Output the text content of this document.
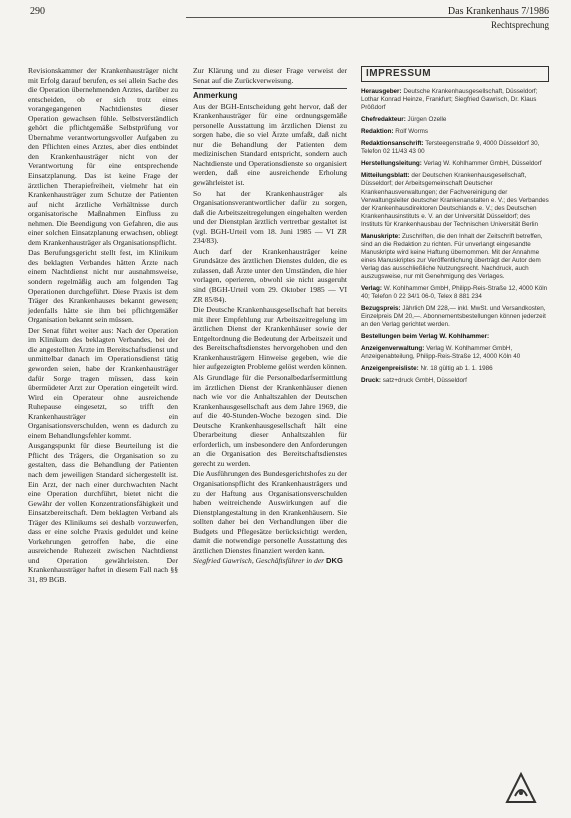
290	Das Krankenhaus 7/1986
Rechtsprechung

Revisionskammer der Krankenhausträger nicht mit Erfolg darauf berufen, es sei allein Sache des die Operation übernehmenden Arztes, darüber zu entscheiden, ob er sich trotz eines vorangegangenen Nachtdienstes dieser Operation gewachsen fühle. Selbstverständlich gehört die pflichtgemäße Selbstprüfung vor Übernahme verantwortungsvoller Aufgaben zu den Pflichten eines Arztes, aber dies entbindet den Krankenhausträger nicht von der Verantwortung für eine entsprechende Einsatzplanung. Das ist keine Frage der ärztlichen Therapiefreiheit, vielmehr hat ein Krankenhausträger zum Schutze der Patienten auf nicht ärztliche Verhältnisse durch organisatorische Maßnahmen Einfluss zu nehmen. Die Beendigung von Gefahren, die aus einer solchen Einsatzplanung erwachsen, obliegt dem Krankenhausträger als Organisationspflicht.

Das Berufungsgericht stellt fest, im Klinikum des beklagten Verbandes hätten Ärzte nach einem Nachtdienst nicht nur ausnahmsweise, sondern regelmäßig auch am folgenden Tag Operationen durchgeführt. Diese Praxis ist dem Träger des Krankenhauses bekannt gewesen; jedenfalls hätte sie ihm bei pflichtgemäßer Organisation bekannt sein müssen.

Der Senat führt weiter aus: Nach der Operation im Klinikum des beklagten Verbandes, bei der die angestellten Ärzte im Bereitschaftsdienst und unmittelbar danach im Operationsdienst tätig geworden seien, habe der Krankenhausträger dafür Sorge tragen müssen, dass kein übermüdeter Arzt zur Operation eingeteilt wird. Wird ein Operateur ohne ausreichende Ruhepause eingesetzt, so trifft den Krankenhausträger ein Organisationsverschulden, wenn es dadurch zu einem Behandlungsfehler kommt.

Ausgangspunkt für diese Beurteilung ist die Pflicht des Trägers, die Organisation so zu gestalten, dass die Behandlung der Patienten nach dem jeweiligen Standard sichergestellt ist. Ein Arzt, der nach einer durchwachten Nacht eine Operation durchführt, bietet nicht die Gewähr der vollen Konzentrationsfähigkeit und Einsatzbereitschaft. Dem beklagten Verband als Träger des Klinikums sei deshalb vorzuwerfen, dass er eine solche Praxis geduldet und keine Vorkehrungen getroffen habe, die eine ausreichende Ruhezeit zwischen Nachtdienst und Operation gewährleisten. Der Krankenhausträger haftet in diesem Fall nach §§ 31, 89 BGB.

Zur Klärung und zu dieser Frage verweist der Senat auf die Zurückverweisung.

Anmerkung

Aus der BGH-Entscheidung geht hervor, daß der Krankenhausträger für eine ordnungsgemäße personelle Ausstattung im ärztlichen Dienst zu sorgen habe, die so viel Ärzte umfaßt, daß nicht nur die Behandlung der Patienten dem medizinischen Standard entspricht, sondern auch Nachtdienste und Operationsdienste so organisiert werden, daß eine ausreichende Erholung gewährleistet ist.

So hat der Krankenhausträger als Organisationsverantwortlicher dafür zu sorgen, daß die Arbeitszeitregelungen eingehalten werden und der Dienstplan ärztlich vertretbar gestaltet ist (vgl. BGH-Urteil vom 18. Juni 1985 — VI ZR 234/83).

Auch darf der Krankenhausträger keine Grundsätze des ärztlichen Dienstes dulden, die es zulassen, daß Ärzte unter den Umständen, die hier vorlagen, operieren, obwohl sie nicht ausgeruht sind (BGH-Urteil vom 29. Oktober 1985 — VI ZR 85/84).

Die Deutsche Krankenhausgesellschaft hat bereits mit ihrer Empfehlung zur Arbeitszeitregelung im ärztlichen Dienst der Krankenhäuser sowie der Entgeltordnung die Bedeutung der Arbeitszeit und des Bereitschaftsdienstes hervorgehoben und den Krankenhausträgern Hinweise gegeben, wie die hier aufgezeigten Probleme gelöst werden können.

Als Grundlage für die Personalbedarfsermittlung im ärztlichen Dienst der Krankenhäuser dienen nach wie vor die Anhaltszahlen der Deutschen Krankenhausgesellschaft aus dem Jahre 1969, die auf die 40-Stunden-Woche bezogen sind. Die Deutsche Krankenhausgesellschaft hält eine Überarbeitung dieser Anhaltszahlen für erforderlich, um insbesondere den Anforderungen an die Organisation des Bereitschaftsdienstes gerecht zu werden.

Die Ausführungen des Bundesgerichtshofes zu der Organisationspflicht des Krankenhausträgers und zu der Haftung aus Organisationsverschulden haben weitreichende Auswirkungen auf die Dienstplangestaltung in den Krankenhäusern. Sie sollten daher bei den Verhandlungen über die Budgets und Pflegesätze berücksichtigt werden, damit die notwendige personelle Ausstattung des ärztlichen Dienstes finanziert werden kann.

Siegfried Gawrisch, Geschäftsführer in der DKG

IMPRESSUM

Herausgeber: Deutsche Krankenhausgesellschaft, Düsseldorf; Lothar Konrad Heinze, Frankfurt; Siegfried Gawrisch, Dr. Klaus Prößdorf

Chefredakteur: Jürgen Ozelle

Redaktion: Rolf Worms

Redaktionsanschrift: Tersteegenstraße 9, 4000 Düsseldorf 30, Telefon 02 11/43 43 00

Herstellungsleitung: Verlag W. Kohlhammer GmbH, Düsseldorf

Mitteilungsblatt: der Deutschen Krankenhausgesellschaft, Düsseldorf; der Arbeitsgemeinschaft Deutscher Krankenhausverwaltungen; der Fachvereinigung der Verwaltungsleiter deutscher Krankenanstalten e. V.; des Verbandes der Krankenhausdirektoren Deutschlands e. V.; des Deutschen Krankenhausinstituts e. V. an der Universität Düsseldorf; des Instituts für Krankenhausbau der Technischen Universität Berlin

Manuskripte: Zuschriften, die den Inhalt der Zeitschrift betreffen, sind an die Redaktion zu richten. Für unverlangt eingesandte Manuskripte wird keine Haftung übernommen. Mit der Annahme eines Manuskriptes zur Veröffentlichung überträgt der Autor dem Verlag das ausschließliche Nutzungsrecht. Nachdruck, auch auszugsweise, nur mit Genehmigung des Verlages.

Verlag: W. Kohlhammer GmbH, Philipp-Reis-Straße 12, 4000 Köln 40; Telefon 0 22 34/1 06-0, Telex 8 881 234

Bezugspreis: Jährlich DM 228,— inkl. MwSt. und Versandkosten, Einzelpreis DM 20,—. Abonnementsbestellungen können jederzeit an den Verlag gerichtet werden.

Bestellungen beim Verlag W. Kohlhammer:

Anzeigenverwaltung: Verlag W. Kohlhammer GmbH, Anzeigenabteilung, Philipp-Reis-Straße 12, 4000 Köln 40

Anzeigenpreisliste: Nr. 18 gültig ab 1. 1. 1986

Druck: satz+druck GmbH, Düsseldorf
